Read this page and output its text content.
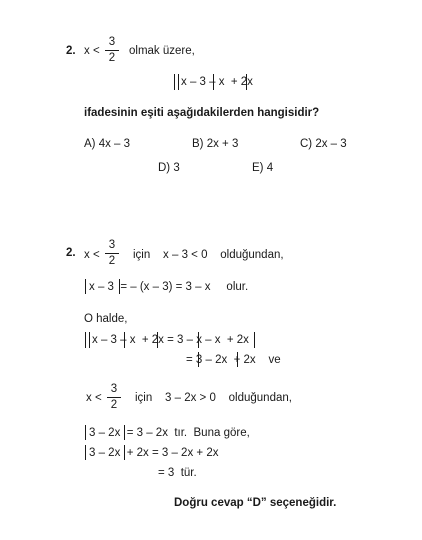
2. x <
3
2
olmak üzere,
x – 3 – x  + 2x
ifadesinin eşiti aşağıdakilerden hangisidir?
A) 4x – 3	B) 2x + 3	C) 2x – 3
D) 3	E) 4
2. x <
3
2	için    x – 3 < 0    olduğundan,
x – 3  = – (x – 3) = 3 – x     olur.
O halde,
x – 3 – x  + 2x = 3 – x – x  + 2x
= 3 – 2x  + 2x    ve
x <
3
2
için    3 – 2x > 0    olduğundan,
3 – 2x  = 3 – 2x  tır.  Buna göre,
3 – 2x  + 2x = 3 – 2x + 2x
= 3  tür.
Doğru cevap “D” seçeneğidir.
